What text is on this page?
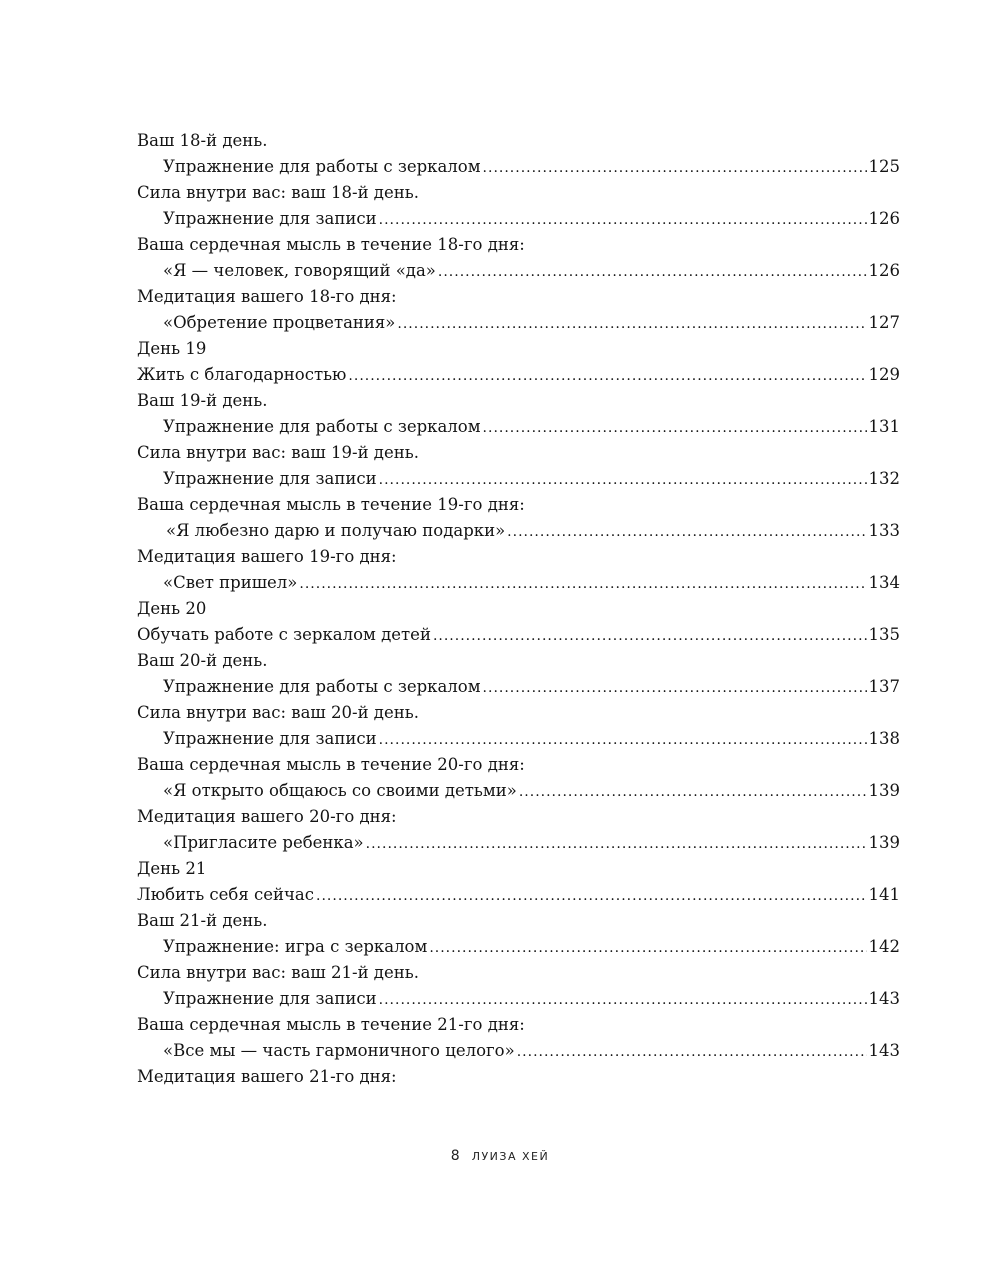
Ваш 18-й день.
Упражнение для работы с зеркалом .....	125
Сила внутри вас: ваш 18-й день.
Упражнение для записи .....	126
Ваша сердечная мысль в течение 18-го дня:
«Я — человек, говорящий «да» .....	126
Медитация вашего 18-го дня:
«Обретение процветания» .....	127
День 19
Жить с благодарностью .....	129
Ваш 19-й день.
Упражнение для работы с зеркалом .....	131
Сила внутри вас: ваш 19-й день.
Упражнение для записи .....	132
Ваша сердечная мысль в течение 19-го дня:
«Я любезно дарю и получаю подарки» .....	133
Медитация вашего 19-го дня:
«Свет пришел» .....	134
День 20
Обучать работе с зеркалом детей .....	135
Ваш 20-й день.
Упражнение для работы с зеркалом .....	137
Сила внутри вас: ваш 20-й день.
Упражнение для записи .....	138
Ваша сердечная мысль в течение 20-го дня:
«Я открыто общаюсь со своими детьми» .....	139
Медитация вашего 20-го дня:
«Пригласите ребенка» .....	139
День 21
Любить себя сейчас .....	141
Ваш 21-й день.
Упражнение: игра с зеркалом .....	142
Сила внутри вас: ваш 21-й день.
Упражнение для записи .....	143
Ваша сердечная мысль в течение 21-го дня:
«Все мы — часть гармоничного целого» .....	143
Медитация вашего 21-го дня:
8 ЛУИЗА ХЕЙ
